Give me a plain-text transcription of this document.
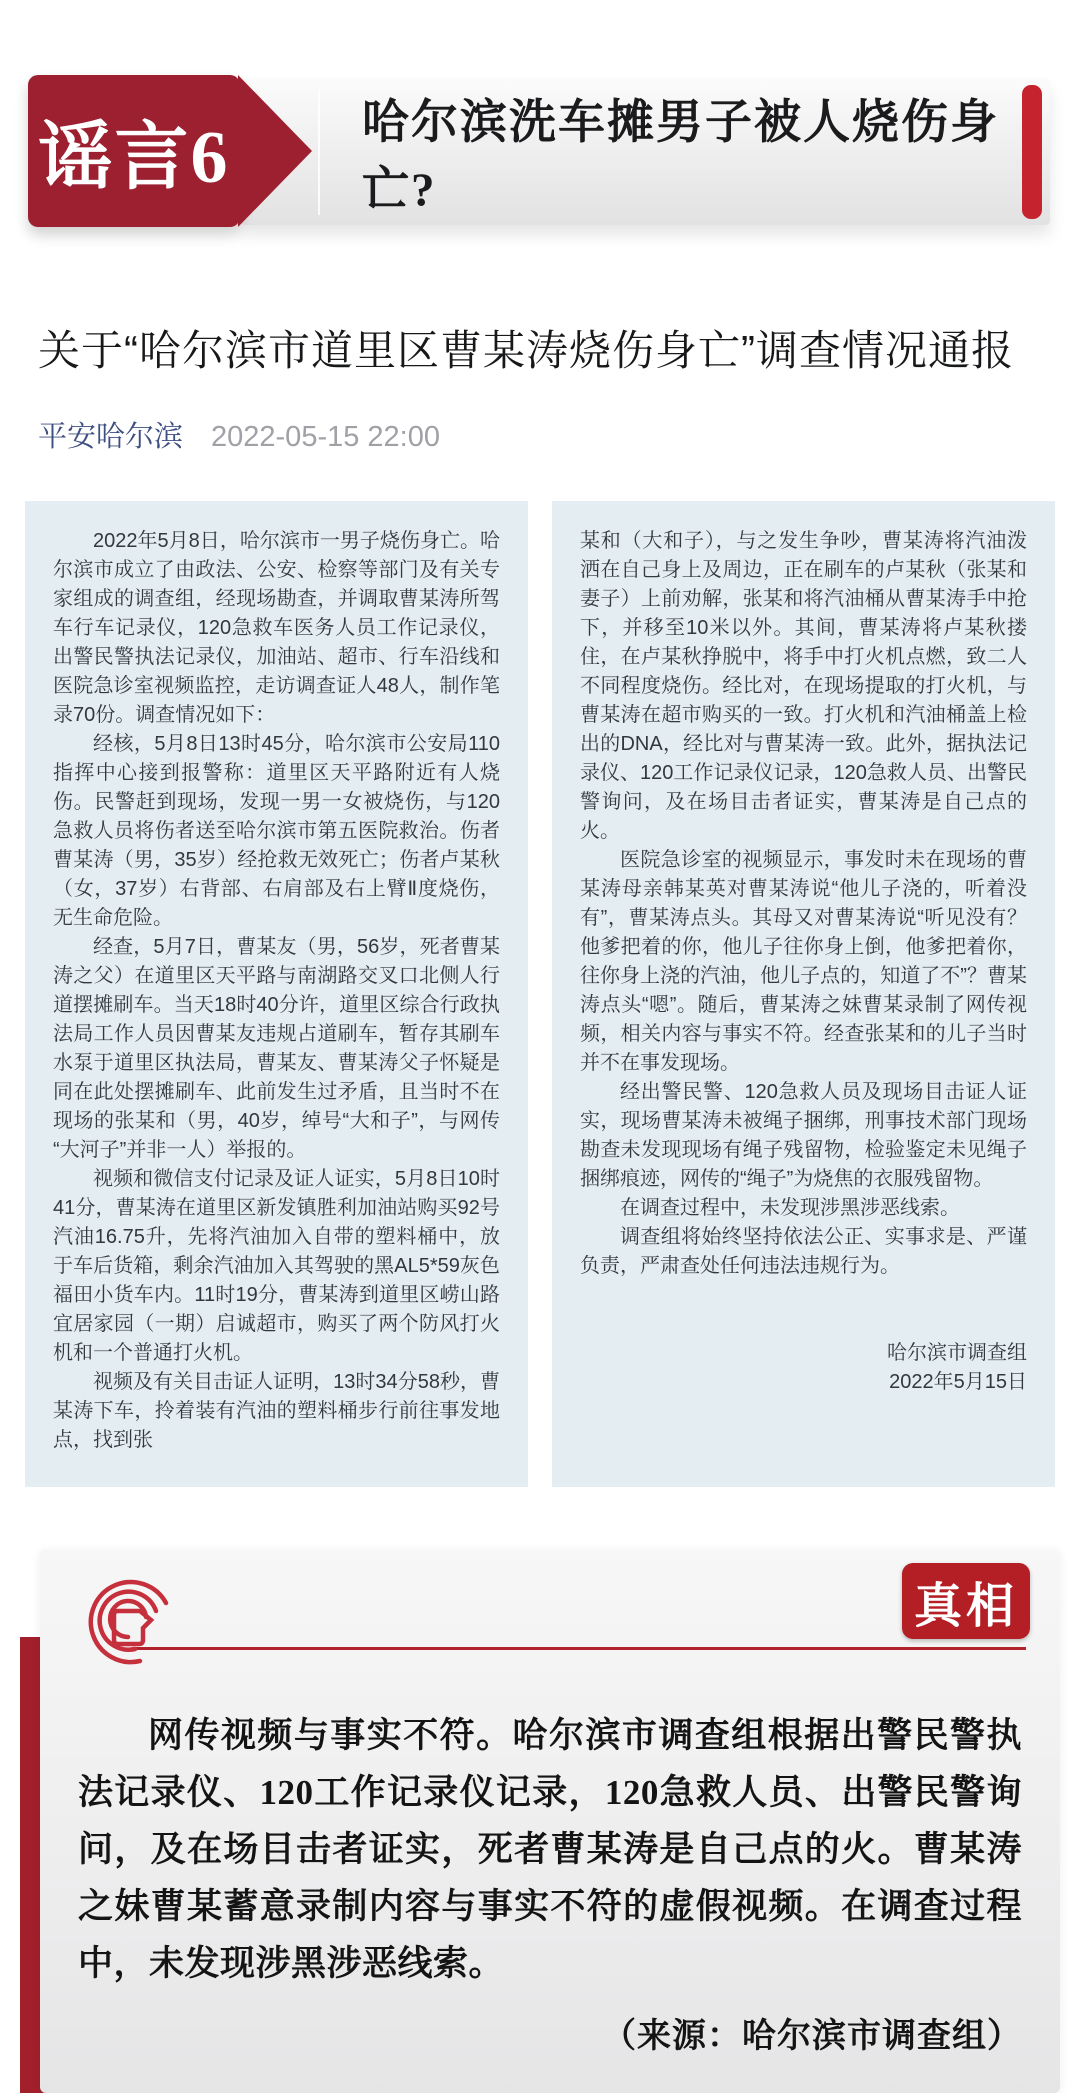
哈尔滨洗车摊男子被人烧伤身亡?
谣言6
关于“哈尔滨市道里区曹某涛烧伤身亡”调查情况通报
平安哈尔滨 2022-05-15 22:00

2022年5月8日，哈尔滨市一男子烧伤身亡。哈尔滨市成立了由政法、公安、检察等部门及有关专家组成的调查组，经现场勘查，并调取曹某涛所驾车行车记录仪，120急救车医务人员工作记录仪，出警民警执法记录仪，加油站、超市、行车沿线和医院急诊室视频监控，走访调查证人48人，制作笔录70份。调查情况如下：

经核，5月8日13时45分，哈尔滨市公安局110指挥中心接到报警称：道里区天平路附近有人烧伤。民警赶到现场，发现一男一女被烧伤，与120急救人员将伤者送至哈尔滨市第五医院救治。伤者曹某涛（男，35岁）经抢救无效死亡；伤者卢某秋（女，37岁）右背部、右肩部及右上臂Ⅱ度烧伤，无生命危险。

经查，5月7日，曹某友（男，56岁，死者曹某涛之父）在道里区天平路与南湖路交叉口北侧人行道摆摊刷车。当天18时40分许，道里区综合行政执法局工作人员因曹某友违规占道刷车，暂存其刷车水泵于道里区执法局，曹某友、曹某涛父子怀疑是同在此处摆摊刷车、此前发生过矛盾，且当时不在现场的张某和（男，40岁，绰号“大和子”，与网传“大河子”并非一人）举报的。

视频和微信支付记录及证人证实，5月8日10时41分，曹某涛在道里区新发镇胜利加油站购买92号汽油16.75升，先将汽油加入自带的塑料桶中，放于车后货箱，剩余汽油加入其驾驶的黑AL5*59灰色福田小货车内。11时19分，曹某涛到道里区崂山路宜居家园（一期）启诚超市，购买了两个防风打火机和一个普通打火机。

视频及有关目击证人证明，13时34分58秒，曹某涛下车，拎着装有汽油的塑料桶步行前往事发地点，找到张

某和（大和子），与之发生争吵，曹某涛将汽油泼洒在自己身上及周边，正在刷车的卢某秋（张某和妻子）上前劝解，张某和将汽油桶从曹某涛手中抢下，并移至10米以外。其间，曹某涛将卢某秋搂住，在卢某秋挣脱中，将手中打火机点燃，致二人不同程度烧伤。经比对，在现场提取的打火机，与曹某涛在超市购买的一致。打火机和汽油桶盖上检出的DNA，经比对与曹某涛一致。此外，据执法记录仪、120工作记录仪记录，120急救人员、出警民警询问，及在场目击者证实，曹某涛是自己点的火。

医院急诊室的视频显示，事发时未在现场的曹某涛母亲韩某英对曹某涛说“他儿子浇的，听着没有”，曹某涛点头。其母又对曹某涛说“听见没有？他爹把着的你，他儿子往你身上倒，他爹把着你，往你身上浇的汽油，他儿子点的，知道了不”？曹某涛点头“嗯”。随后，曹某涛之妹曹某录制了网传视频，相关内容与事实不符。经查张某和的儿子当时并不在事发现场。

经出警民警、120急救人员及现场目击证人证实，现场曹某涛未被绳子捆绑，刑事技术部门现场勘查未发现现场有绳子残留物，检验鉴定未见绳子捆绑痕迹，网传的“绳子”为烧焦的衣服残留物。

在调查过程中，未发现涉黑涉恶线索。

调查组将始终坚持依法公正、实事求是、严谨负责，严肃查处任何违法违规行为。

哈尔滨市调查组

2022年5月15日

真相

网传视频与事实不符。哈尔滨市调查组根据出警民警执法记录仪、120工作记录仪记录，120急救人员、出警民警询问，及在场目击者证实，死者曹某涛是自己点的火。曹某涛之妹曹某蓄意录制内容与事实不符的虚假视频。在调查过程中，未发现涉黑涉恶线索。

（来源：哈尔滨市调查组）
